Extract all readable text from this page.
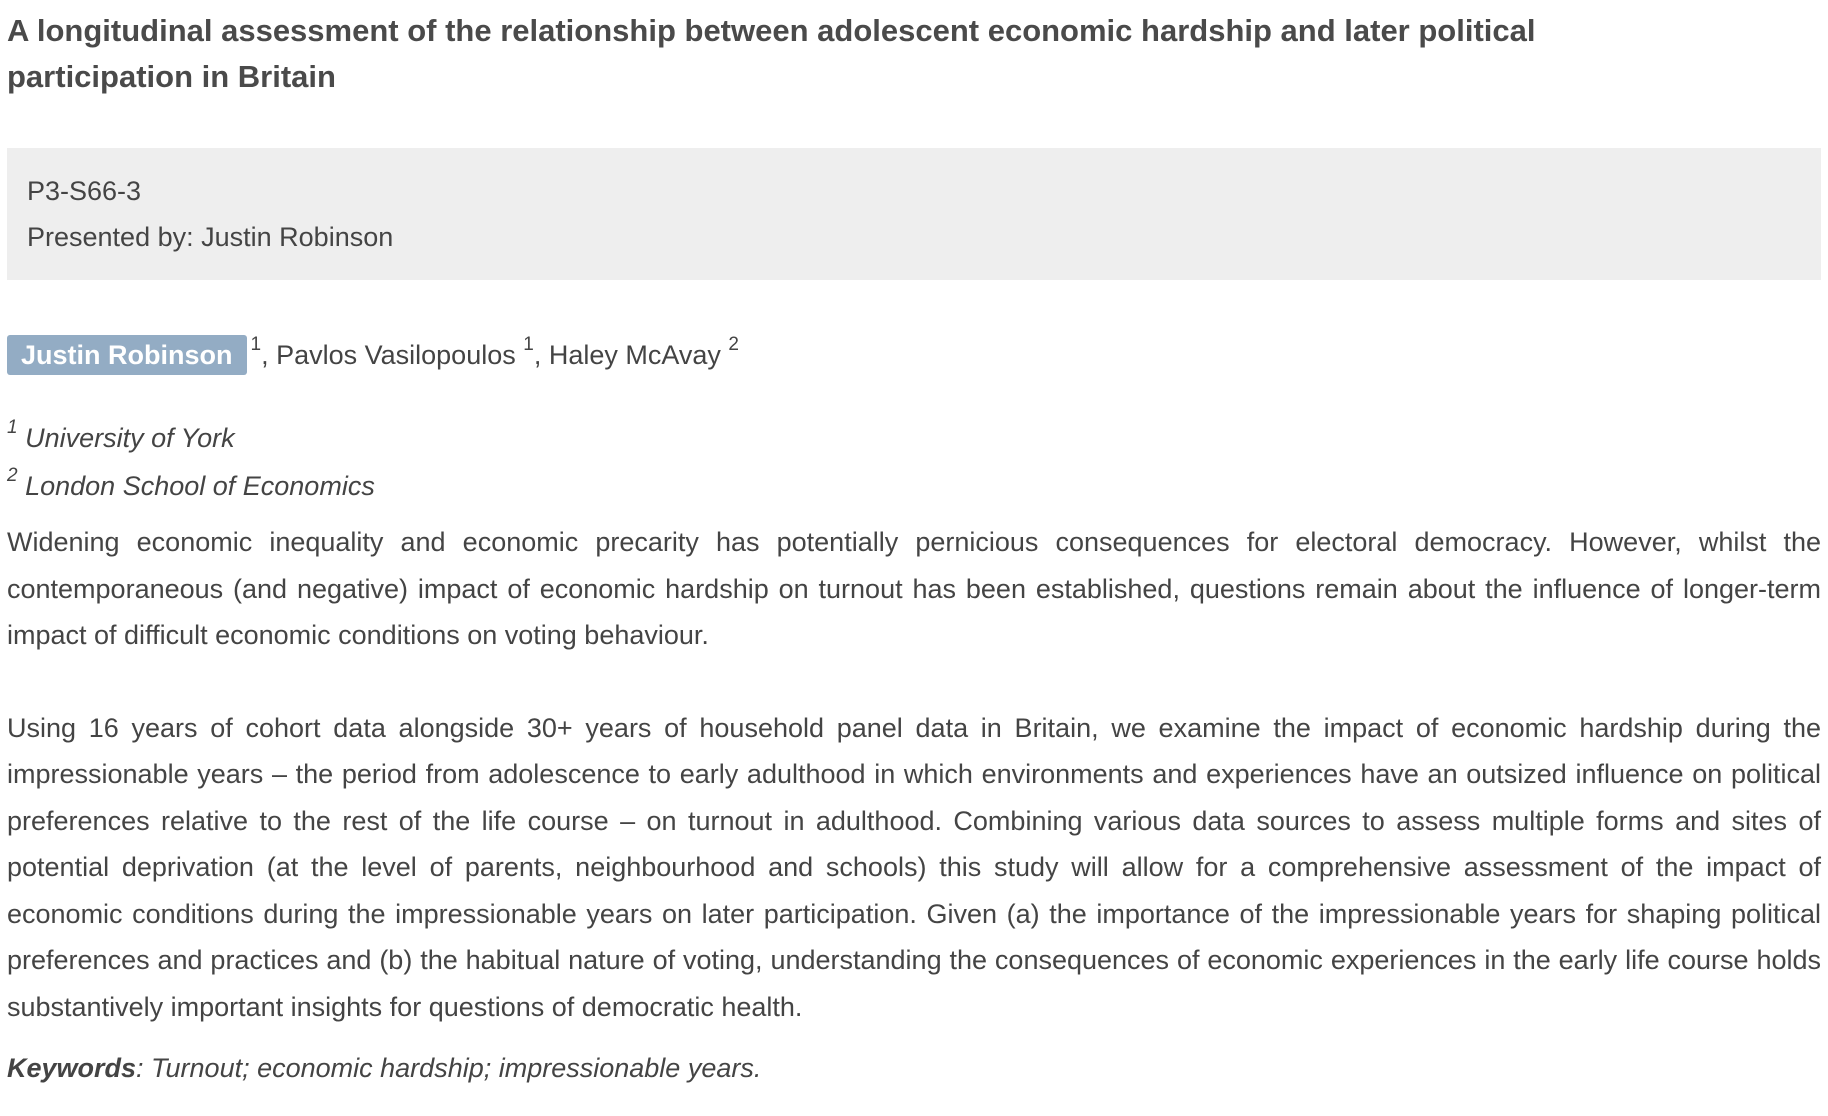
A longitudinal assessment of the relationship between adolescent economic hardship and later political participation in Britain
P3-S66-3
Presented by: Justin Robinson
Justin Robinson $^1$, Pavlos Vasilopoulos $^1$, Haley McAvay $^2$
$^1$ University of York
$^2$ London School of Economics

Widening economic inequality and economic precarity has potentially pernicious consequences for electoral democracy. However, whilst the contemporaneous (and negative) impact of economic hardship on turnout has been established, questions remain about the influence of longer-term impact of difficult economic conditions on voting behaviour.

Using 16 years of cohort data alongside 30+ years of household panel data in Britain, we examine the impact of economic hardship during the impressionable years – the period from adolescence to early adulthood in which environments and experiences have an outsized influence on political preferences relative to the rest of the life course – on turnout in adulthood. Combining various data sources to assess multiple forms and sites of potential deprivation (at the level of parents, neighbourhood and schools) this study will allow for a comprehensive assessment of the impact of economic conditions during the impressionable years on later participation. Given (a) the importance of the impressionable years for shaping political preferences and practices and (b) the habitual nature of voting, understanding the consequences of economic experiences in the early life course holds substantively important insights for questions of democratic health.

Keywords: Turnout; economic hardship; impressionable years.
